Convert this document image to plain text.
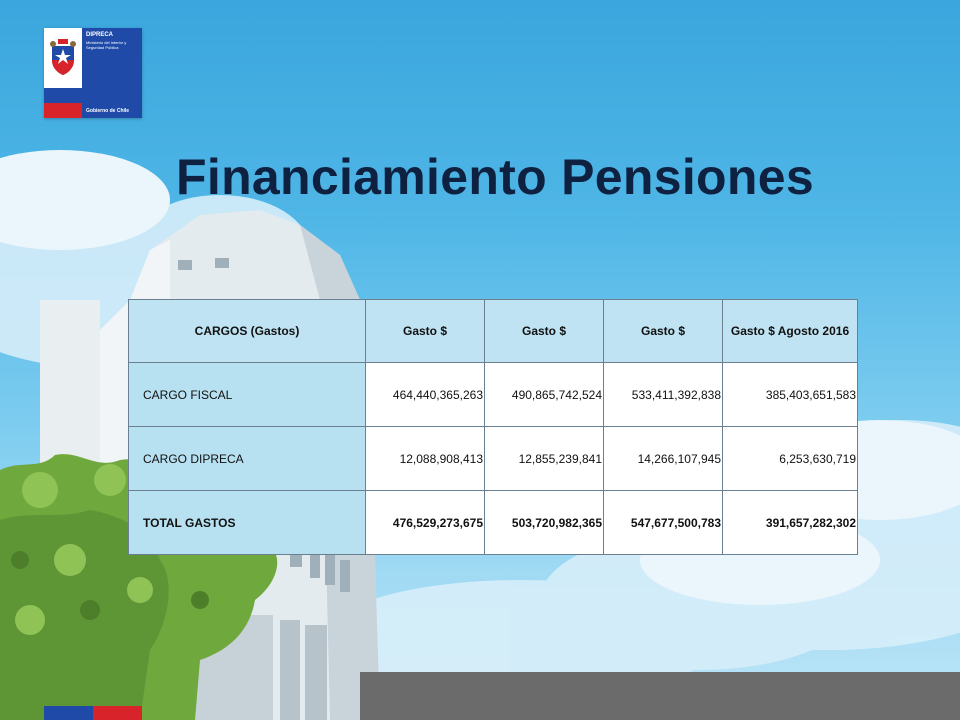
DIPRECA
Ministerio del Interior y Seguridad Pública
Gobierno de Chile
Financiamiento Pensiones
CARGOS (Gastos)	Gasto $	Gasto $	Gasto $	Gasto $ Agosto 2016
CARGO FISCAL	464,440,365,263	490,865,742,524	533,411,392,838	385,403,651,583
CARGO DIPRECA	12,088,908,413	12,855,239,841	14,266,107,945	6,253,630,719
TOTAL GASTOS	476,529,273,675	503,720,982,365	547,677,500,783	391,657,282,302
